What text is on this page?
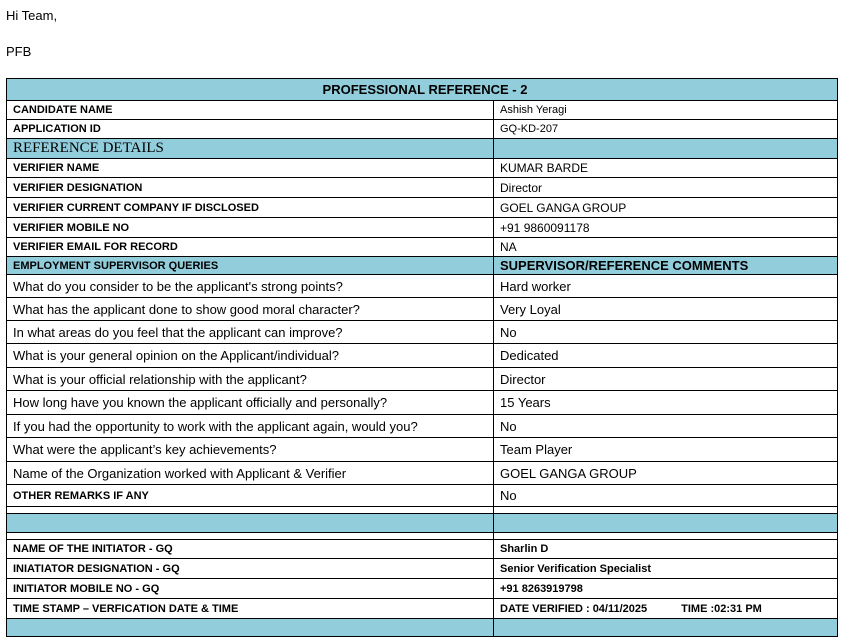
Hi Team,
PFB
PROFESSIONAL REFERENCE - 2	
CANDIDATE NAME	Ashish Yeragi
APPLICATION ID	GQ-KD-207
REFERENCE DETAILS	
VERIFIER NAME	KUMAR BARDE
VERIFIER DESIGNATION	Director
VERIFIER CURRENT COMPANY IF DISCLOSED	GOEL GANGA GROUP
VERIFIER MOBILE NO	+91 9860091178
VERIFIER EMAIL FOR RECORD	NA
EMPLOYMENT SUPERVISOR QUERIES	SUPERVISOR/REFERENCE COMMENTS
What do you consider to be the applicant's strong points?	Hard worker
What has the applicant done to show good moral character?	Very Loyal
In what areas do you feel that the applicant can improve?	No
What is your general opinion on the Applicant/individual?	Dedicated
What is your official relationship with the applicant?	Director
How long have you known the applicant officially and personally?	15 Years
If you had the opportunity to work with the applicant again, would you?	No
What were the applicant’s key achievements?	Team Player
Name of the Organization worked with Applicant & Verifier	GOEL GANGA GROUP
OTHER REMARKS IF ANY	No

NAME OF THE INITIATOR - GQ	Sharlin D
INIATIATOR DESIGNATION - GQ	Senior Verification Specialist
INITIATOR MOBILE NO - GQ	+91 8263919798
TIME STAMP – VERFICATION DATE & TIME	DATE VERIFIED : 04/11/2025 TIME :02:31 PM
